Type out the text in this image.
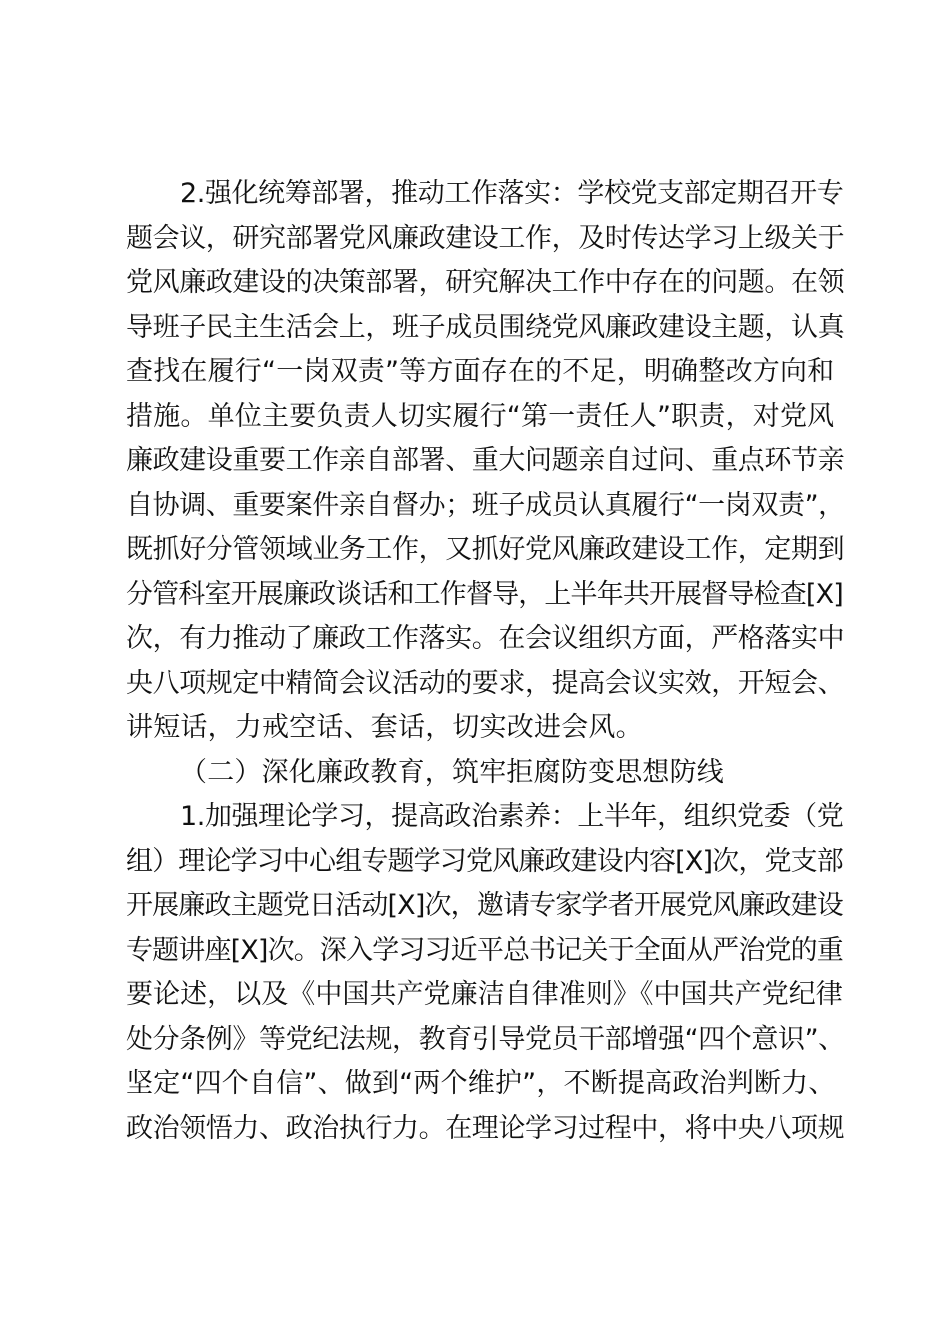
2.强化统筹部署，推动工作落实：学校党支部定期召开专
题会议，研究部署党风廉政建设工作，及时传达学习上级关于
党风廉政建设的决策部署，研究解决工作中存在的问题。在领
导班子民主生活会上，班子成员围绕党风廉政建设主题，认真
查找在履行“一岗双责”等方面存在的不足，明确整改方向和
措施。单位主要负责人切实履行“第一责任人”职责，对党风
廉政建设重要工作亲自部署、重大问题亲自过问、重点环节亲
自协调、重要案件亲自督办；班子成员认真履行“一岗双责”，
既抓好分管领域业务工作，又抓好党风廉政建设工作，定期到
分管科室开展廉政谈话和工作督导，上半年共开展督导检查[X]
次，有力推动了廉政工作落实。在会议组织方面，严格落实中
央八项规定中精简会议活动的要求，提高会议实效，开短会、
讲短话，力戒空话、套话，切实改进会风。
（二）深化廉政教育，筑牢拒腐防变思想防线
1.加强理论学习，提高政治素养：上半年，组织党委（党
组）理论学习中心组专题学习党风廉政建设内容[X]次，党支部
开展廉政主题党日活动[X]次，邀请专家学者开展党风廉政建设
专题讲座[X]次。深入学习习近平总书记关于全面从严治党的重
要论述，以及《中国共产党廉洁自律准则》《中国共产党纪律
处分条例》等党纪法规，教育引导党员干部增强“四个意识”、
坚定“四个自信”、做到“两个维护”，不断提高政治判断力、
政治领悟力、政治执行力。在理论学习过程中，将中央八项规
